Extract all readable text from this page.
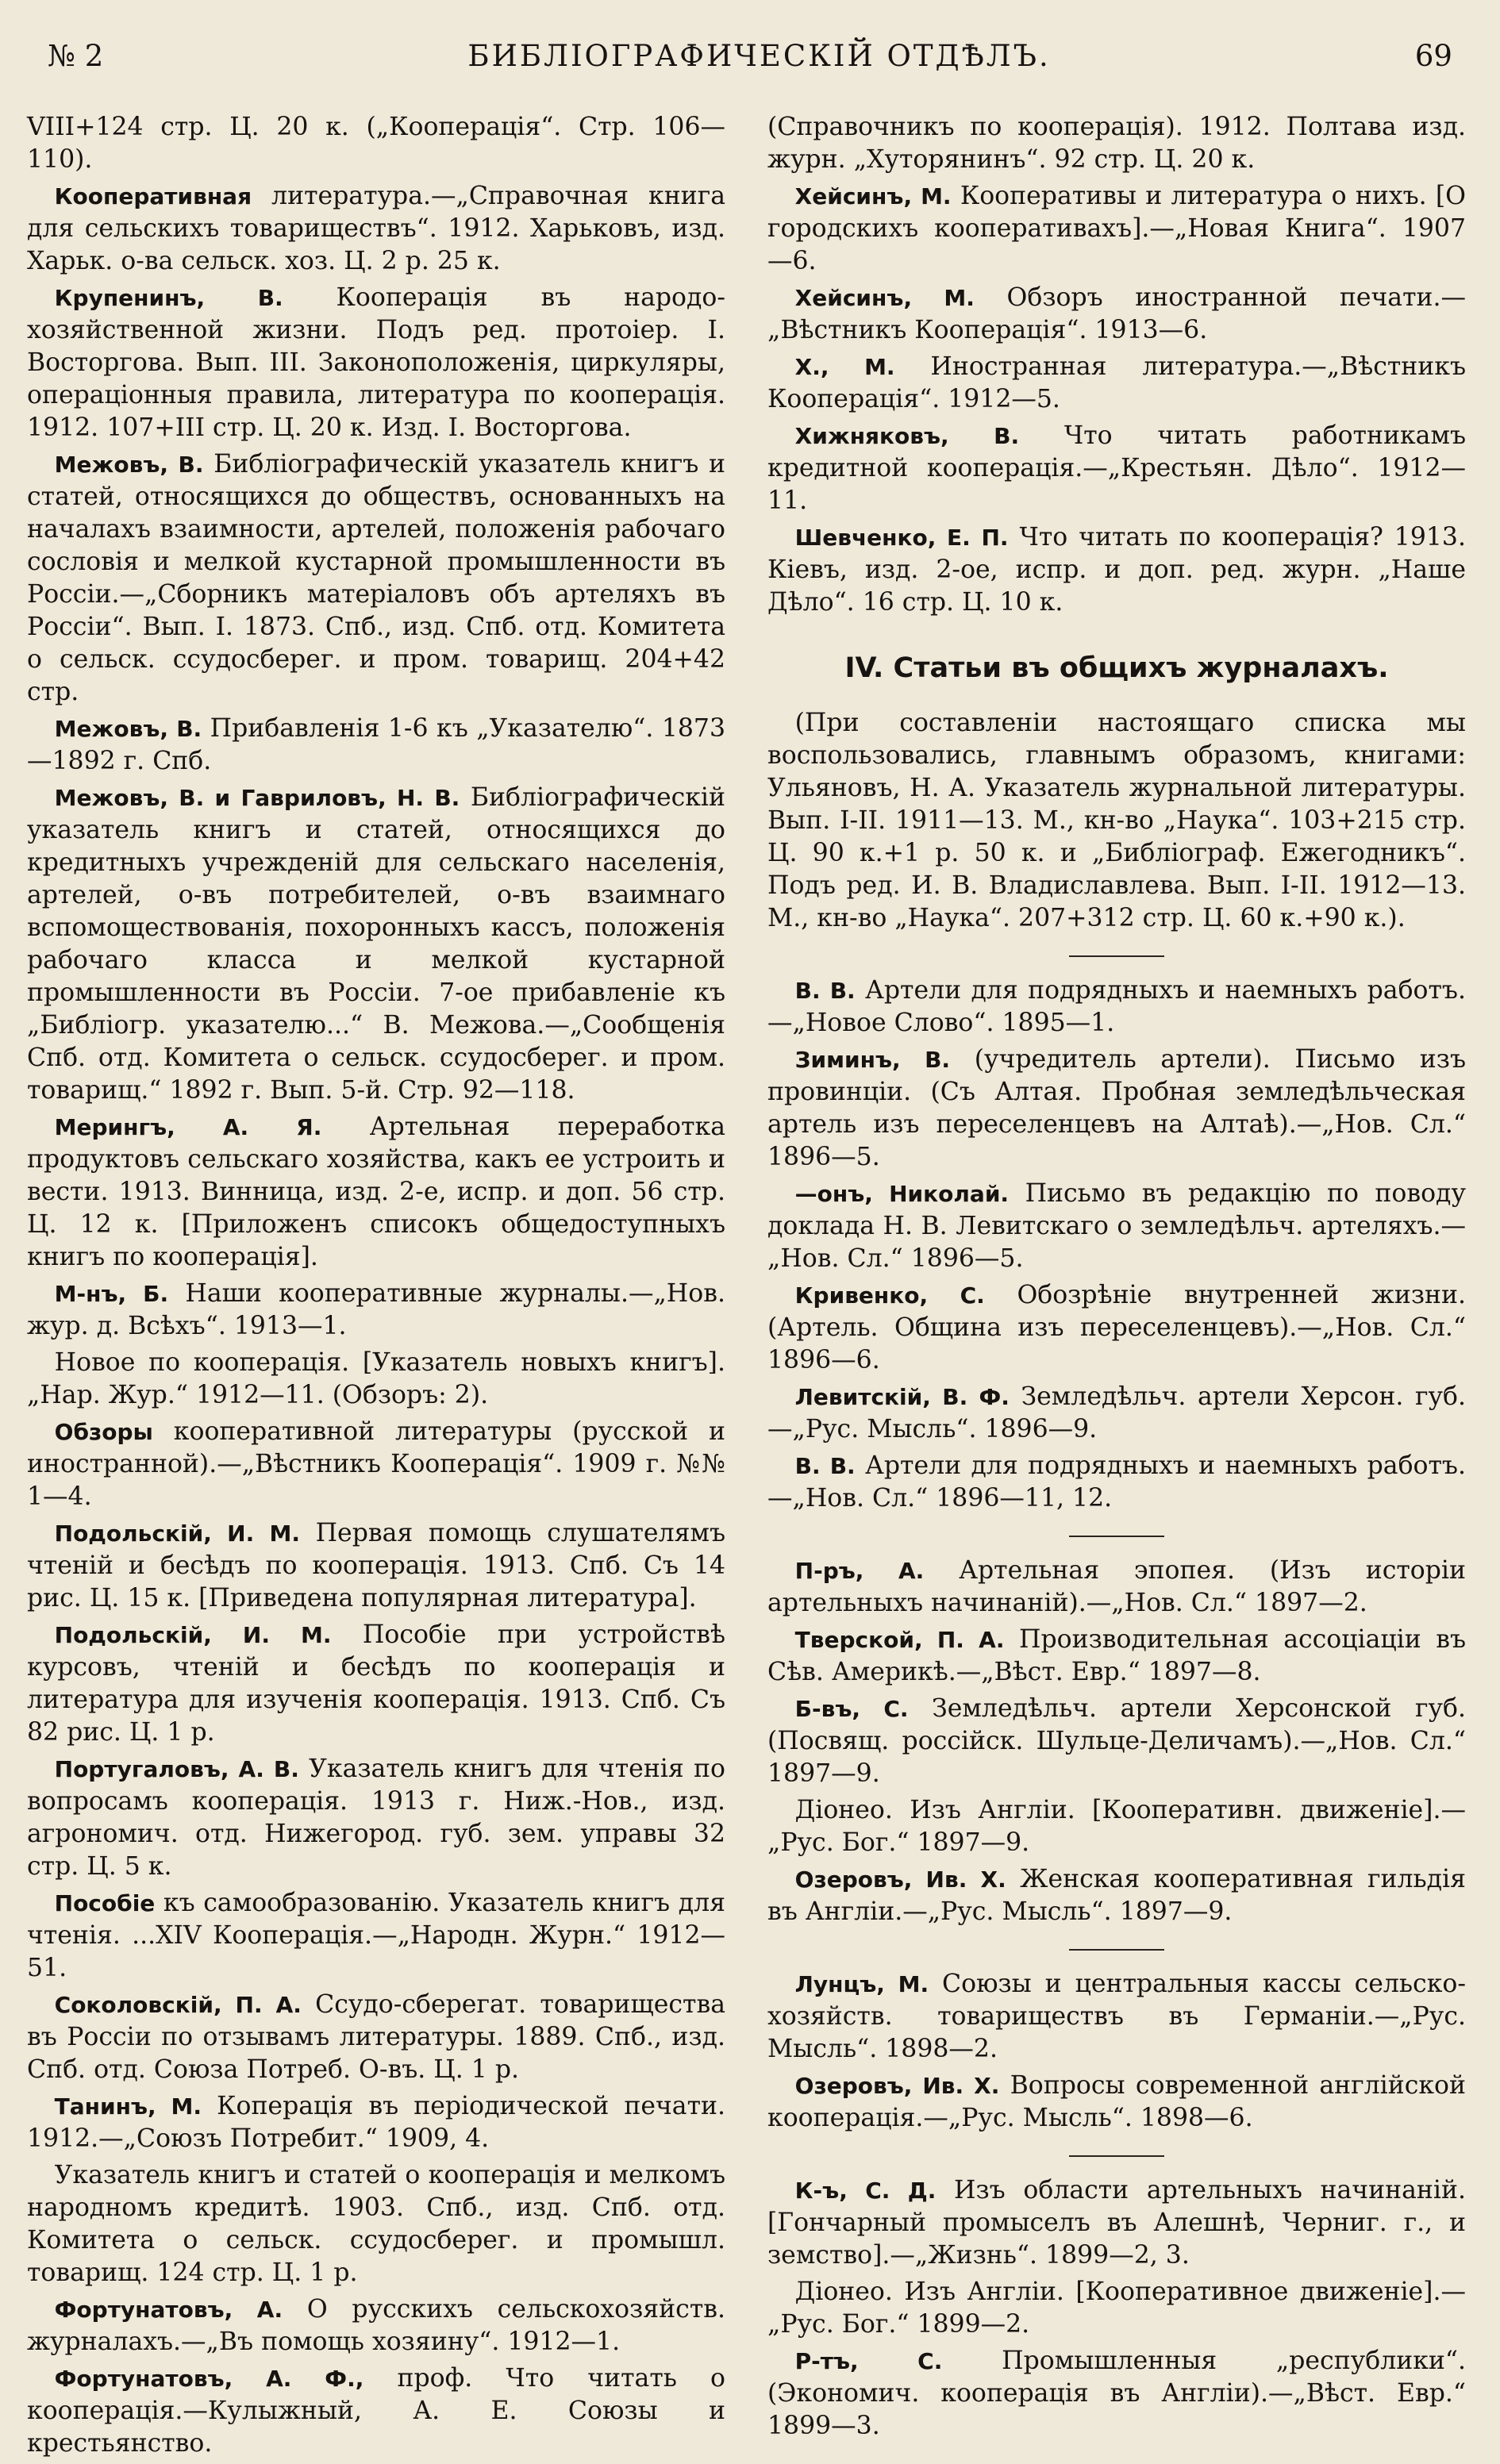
№ 2	БИБЛІОГРАФИЧЕСКІЙ ОТДѢЛЪ.	69

VIII+124 стр. Ц. 20 к. („Кооперація“. Стр. 106—110).

Кооперативная литература.—„Справочная книга для сельскихъ товариществъ“. 1912. Харьковъ, изд. Харьк. о-ва сельск. хоз. Ц. 2 р. 25 к.

Крупенинъ, В. Кооперація въ народо-хозяйственной жизни. Подъ ред. протоіер. І. Восторгова. Вып. III. Законоположенія, циркуляры, операціонныя правила, литература по кооперація. 1912. 107+III стр. Ц. 20 к. Изд. І. Восторгова.

Межовъ, В. Библіографическій указатель книгъ и статей, относящихся до обществъ, основанныхъ на началахъ взаимности, артелей, положенія рабочаго сословія и мелкой кустарной промышленности въ Россіи.—„Сборникъ матеріаловъ объ артеляхъ въ Россіи“. Вып. І. 1873. Спб., изд. Спб. отд. Комитета о сельск. ссудосберег. и пром. товарищ. 204+42 стр.

Межовъ, В. Прибавленія 1-6 къ „Указателю“. 1873—1892 г. Спб.

Межовъ, В. и Гавриловъ, Н. В. Библіографическій указатель книгъ и статей, относящихся до кредитныхъ учрежденій для сельскаго населенія, артелей, о-въ потребителей, о-въ взаимнаго вспомоществованія, похоронныхъ кассъ, положенія рабочаго класса и мелкой кустарной промышленности въ Россіи. 7-ое прибавленіе къ „Библіогр. указателю...“ В. Межова.—„Сообщенія Спб. отд. Комитета о сельск. ссудосберег. и пром. товарищ.“ 1892 г. Вып. 5-й. Стр. 92—118.

Мерингъ, А. Я. Артельная переработка продуктовъ сельскаго хозяйства, какъ ее устроить и вести. 1913. Винница, изд. 2-е, испр. и доп. 56 стр. Ц. 12 к. [Приложенъ списокъ общедоступныхъ книгъ по кооперація].

М-нъ, Б. Наши кооперативные журналы.—„Нов. жур. д. Всѣхъ“. 1913—1.

Новое по кооперація. [Указатель новыхъ книгъ]. „Нар. Жур.“ 1912—11. (Обзоръ: 2).

Обзоры кооперативной литературы (русской и иностранной).—„Вѣстникъ Кооперація“. 1909 г. №№ 1—4.

Подольскій, И. М. Первая помощь слушателямъ чтеній и бесѣдъ по кооперація. 1913. Спб. Съ 14 рис. Ц. 15 к. [Приведена популярная литература].

Подольскій, И. М. Пособіе при устройствѣ курсовъ, чтеній и бесѣдъ по кооперація и литература для изученія кооперація. 1913. Спб. Съ 82 рис. Ц. 1 р.

Португаловъ, А. В. Указатель книгъ для чтенія по вопросамъ кооперація. 1913 г. Ниж.-Нов., изд. агрономич. отд. Нижегород. губ. зем. управы 32 стр. Ц. 5 к.

Пособіе къ самообразованію. Указатель книгъ для чтенія. ...XIV Кооперація.—„Народн. Журн.“ 1912—51.

Соколовскій, П. А. Ссудо-сберегат. товарищества въ Россіи по отзывамъ литературы. 1889. Спб., изд. Спб. отд. Союза Потреб. О-въ. Ц. 1 р.

Танинъ, М. Коперація въ періодической печати. 1912.—„Союзъ Потребит.“ 1909, 4.

Указатель книгъ и статей о кооперація и мелкомъ народномъ кредитѣ. 1903. Спб., изд. Спб. отд. Комитета о сельск. ссудосберег. и промышл. товарищ. 124 стр. Ц. 1 р.

Фортунатовъ, А. О русскихъ сельскохозяйств. журналахъ.—„Въ помощь хозяину“. 1912—1.

Фортунатовъ, А. Ф., проф. Что читать о кооперація.—Кулыжный, А. Е. Союзы и крестьянство.

(Справочникъ по кооперація). 1912. Полтава изд. журн. „Хуторянинъ“. 92 стр. Ц. 20 к.

Хейсинъ, М. Кооперативы и литература о нихъ. [О городскихъ кооперативахъ].—„Новая Книга“. 1907—6.

Хейсинъ, М. Обзоръ иностранной печати.—„Вѣстникъ Кооперація“. 1913—6.

Х., М. Иностранная литература.—„Вѣстникъ Кооперація“. 1912—5.

Хижняковъ, В. Что читать работникамъ кредитной кооперація.—„Крестьян. Дѣло“. 1912—11.

Шевченко, Е. П. Что читать по кооперація? 1913. Кіевъ, изд. 2-ое, испр. и доп. ред. журн. „Наше Дѣло“. 16 стр. Ц. 10 к.

IV. Статьи въ общихъ журналахъ.

(При составленіи настоящаго списка мы воспользовались, главнымъ образомъ, книгами: Ульяновъ, Н. А. Указатель журнальной литературы. Вып. I-II. 1911—13. М., кн-во „Наука“. 103+215 стр. Ц. 90 к.+1 р. 50 к. и „Библіограф. Ежегодникъ“. Подъ ред. И. В. Владиславлева. Вып. I-II. 1912—13. М., кн-во „Наука“. 207+312 стр. Ц. 60 к.+90 к.).

В. В. Артели для подрядныхъ и наемныхъ работъ.—„Новое Слово“. 1895—1.

Зиминъ, В. (учредитель артели). Письмо изъ провинціи. (Съ Алтая. Пробная земледѣльческая артель изъ переселенцевъ на Алтаѣ).—„Нов. Сл.“ 1896—5.

—онъ, Николай. Письмо въ редакцію по поводу доклада Н. В. Левитскаго о земледѣльч. артеляхъ.—„Нов. Сл.“ 1896—5.

Кривенко, С. Обозрѣніе внутренней жизни. (Артель. Община изъ переселенцевъ).—„Нов. Сл.“ 1896—6.

Левитскій, В. Ф. Земледѣльч. артели Херсон. губ.—„Рус. Мысль“. 1896—9.

В. В. Артели для подрядныхъ и наемныхъ работъ.—„Нов. Сл.“ 1896—11, 12.

П-ръ, А. Артельная эпопея. (Изъ исторіи артельныхъ начинаній).—„Нов. Сл.“ 1897—2.

Тверской, П. А. Производительная ассоціаціи въ Сѣв. Америкѣ.—„Вѣст. Евр.“ 1897—8.

Б-въ, С. Земледѣльч. артели Херсонской губ. (Посвящ. россійск. Шульце-Деличамъ).—„Нов. Сл.“ 1897—9.

Діонео. Изъ Англіи. [Кооперативн. движеніе].—„Рус. Бог.“ 1897—9.

Озеровъ, Ив. Х. Женская кооперативная гильдія въ Англіи.—„Рус. Мысль“. 1897—9.

Лунцъ, М. Союзы и центральныя кассы сельско-хозяйств. товариществъ въ Германіи.—„Рус. Мысль“. 1898—2.

Озеровъ, Ив. Х. Вопросы современной англійской кооперація.—„Рус. Мысль“. 1898—6.

К-ъ, С. Д. Изъ области артельныхъ начинаній. [Гончарный промыселъ въ Алешнѣ, Черниг. г., и земство].—„Жизнь“. 1899—2, 3.

Діонео. Изъ Англіи. [Кооперативное движеніе].—„Рус. Бог.“ 1899—2.

Р-тъ, С. Промышленныя „республики“. (Экономич. кооперація въ Англіи).—„Вѣст. Евр.“ 1899—3.
